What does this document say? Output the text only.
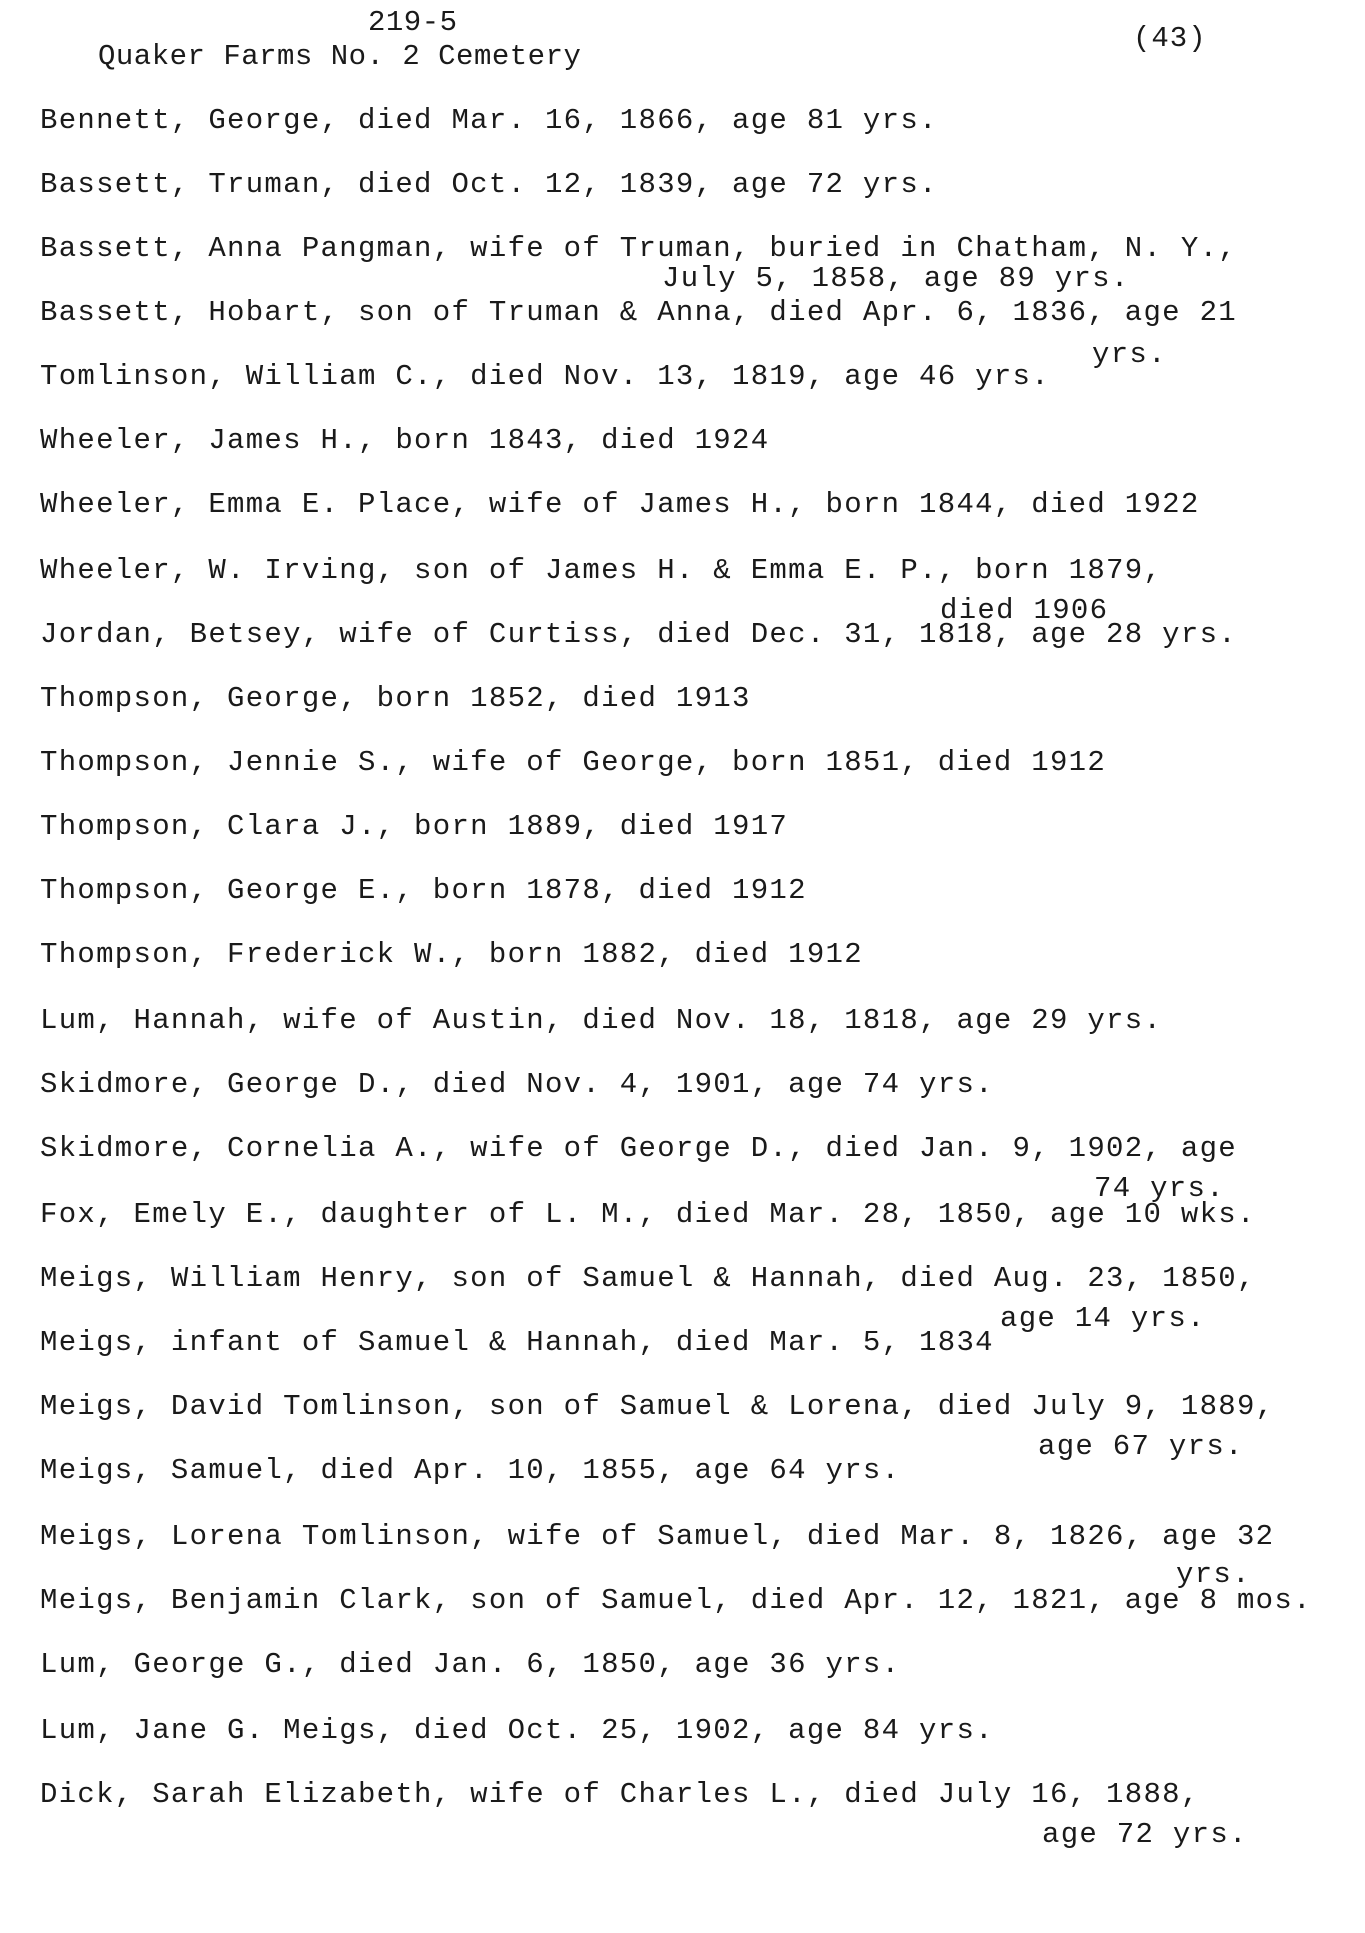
219-5
Quaker Farms No. 2 Cemetery
(43)
Bennett, George, died Mar. 16, 1866, age 81 yrs.
Bassett, Truman, died Oct. 12, 1839, age 72 yrs.
Bassett, Anna Pangman, wife of Truman, buried in Chatham, N. Y.,
July 5, 1858, age 89 yrs.
Bassett, Hobart, son of Truman & Anna, died Apr. 6, 1836, age 21
yrs.
Tomlinson, William C., died Nov. 13, 1819, age 46 yrs.
Wheeler, James H., born 1843, died 1924
Wheeler, Emma E. Place, wife of James H., born 1844, died 1922
Wheeler, W. Irving, son of James H. & Emma E. P., born 1879,
died 1906
Jordan, Betsey, wife of Curtiss, died Dec. 31, 1818, age 28 yrs.
Thompson, George, born 1852, died 1913
Thompson, Jennie S., wife of George, born 1851, died 1912
Thompson, Clara J., born 1889, died 1917
Thompson, George E., born 1878, died 1912
Thompson, Frederick W., born 1882, died 1912
Lum, Hannah, wife of Austin, died Nov. 18, 1818, age 29 yrs.
Skidmore, George D., died Nov. 4, 1901, age 74 yrs.
Skidmore, Cornelia A., wife of George D., died Jan. 9, 1902, age
74 yrs.
Fox, Emely E., daughter of L. M., died Mar. 28, 1850, age 10 wks.
Meigs, William Henry, son of Samuel & Hannah, died Aug. 23, 1850,
age 14 yrs.
Meigs, infant of Samuel & Hannah, died Mar. 5, 1834
Meigs, David Tomlinson, son of Samuel & Lorena, died July 9, 1889,
age 67 yrs.
Meigs, Samuel, died Apr. 10, 1855, age 64 yrs.
Meigs, Lorena Tomlinson, wife of Samuel, died Mar. 8, 1826, age 32
yrs.
Meigs, Benjamin Clark, son of Samuel, died Apr. 12, 1821, age 8 mos.
Lum, George G., died Jan. 6, 1850, age 36 yrs.
Lum, Jane G. Meigs, died Oct. 25, 1902, age 84 yrs.
Dick, Sarah Elizabeth, wife of Charles L., died July 16, 1888,
age 72 yrs.
